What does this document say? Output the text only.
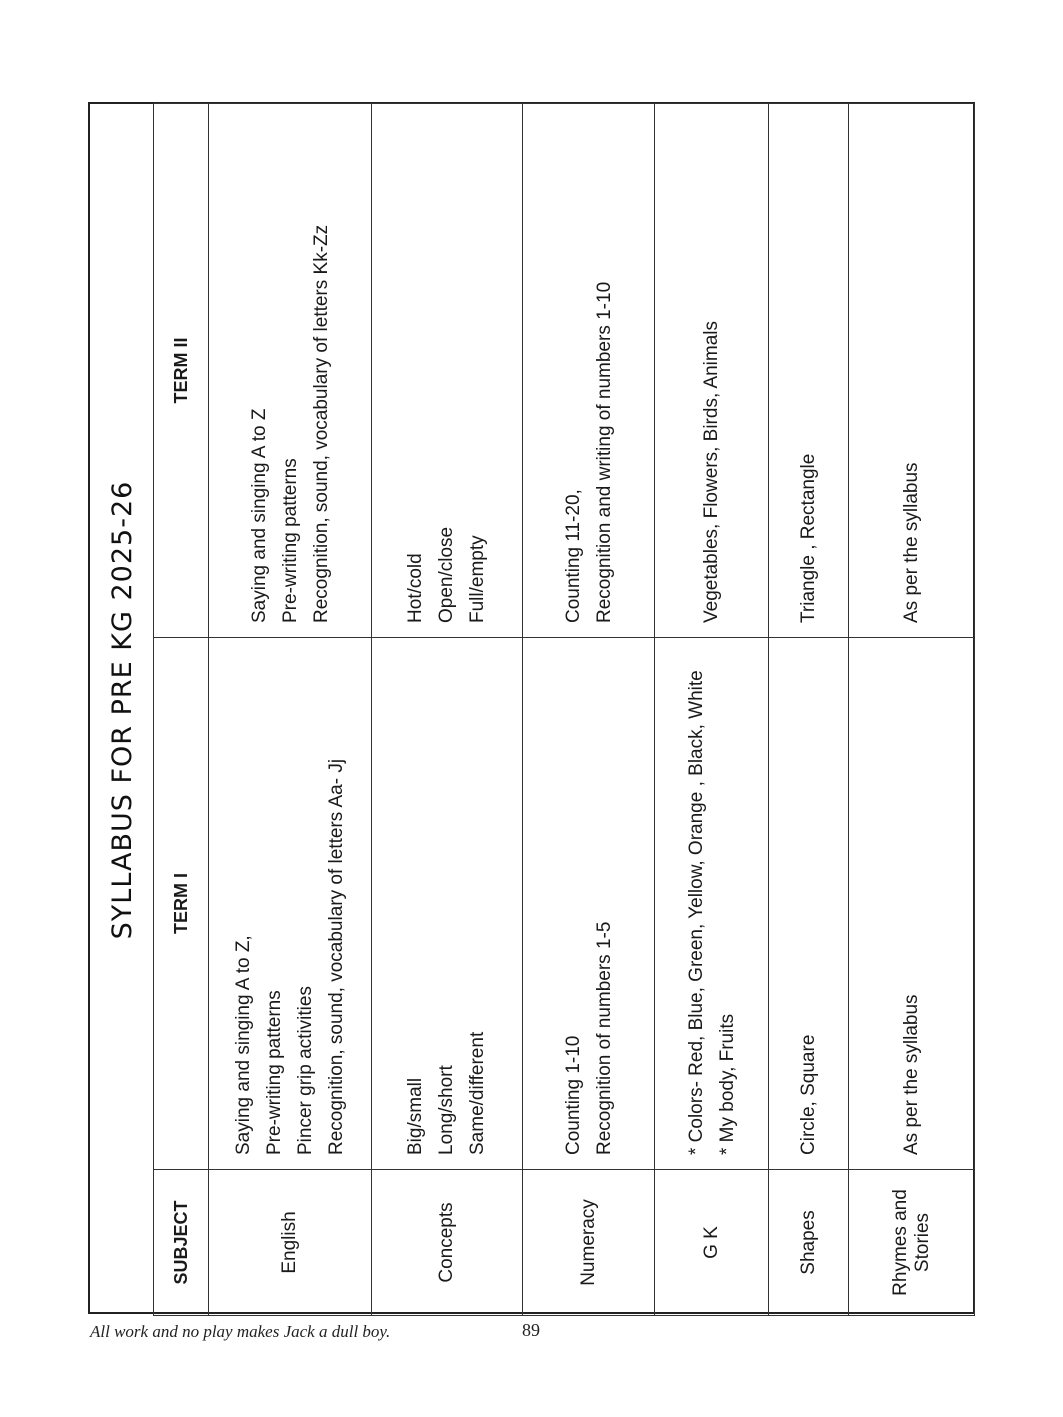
SYLLABUS FOR PRE KG 2025-26
SUBJECT	TERM I	TERM II

English	Saying and singing A to Z, Pre-writing patterns Pincer grip activities Recognition, sound, vocabulary of letters Aa- Jj	Saying and singing A to Z Pre-writing patterns Recognition, sound, vocabulary of letters Kk-Zz

Concepts	Big/small Long/short Same/different	Hot/cold Open/close Full/empty

Numeracy	Counting 1-10 Recognition of numbers 1-5	Counting 11-20, Recognition and writing of numbers 1-10

G K	* Colors- Red, Blue, Green, Yellow, Orange , Black, White * My body, Fruits	Vegetables, Flowers, Birds, Animals

Shapes	Circle, Square	Triangle , Rectangle

Rhymes and Stories	As per the syllabus	As per the syllabus
All work and no play makes Jack a dull boy.	89
